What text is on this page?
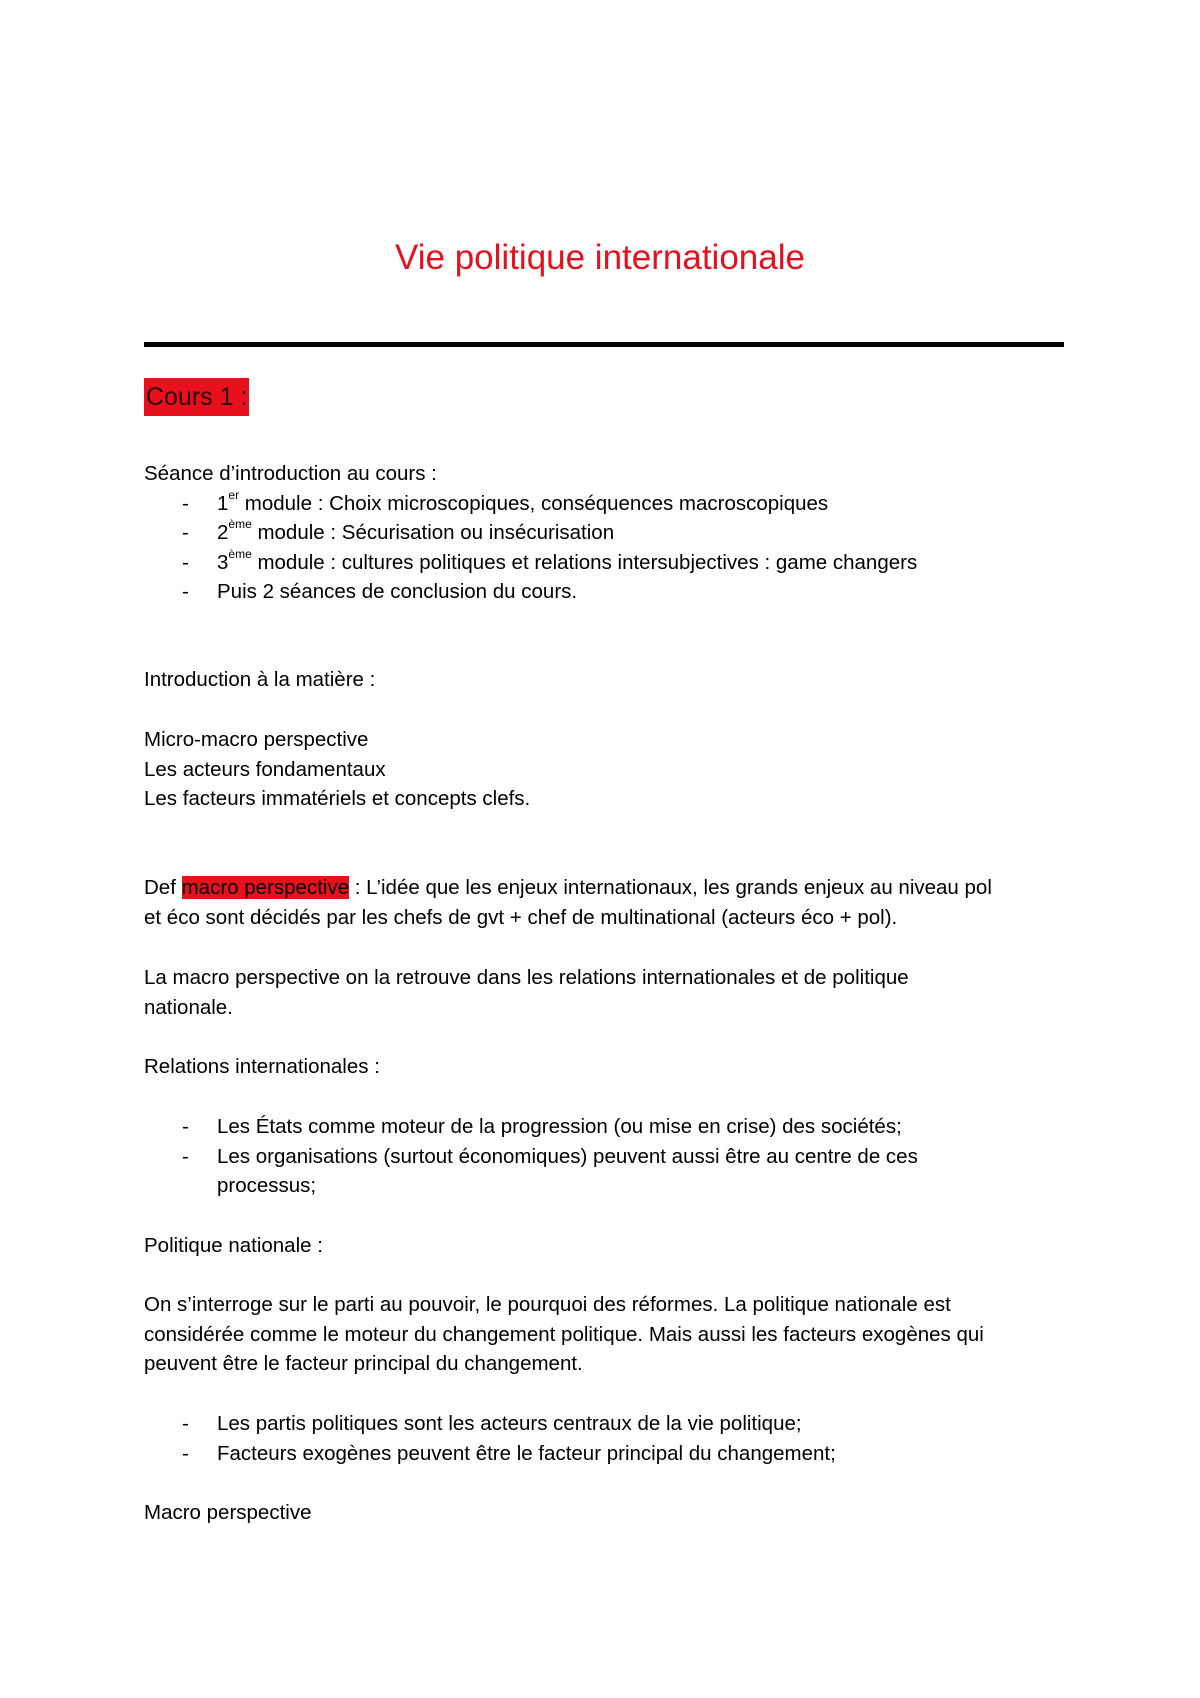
Vie politique internationale
Cours 1 :
Séance d’introduction au cours :
- 1er module : Choix microscopiques, conséquences macroscopiques
- 2ème module : Sécurisation ou insécurisation
- 3ème module : cultures politiques et relations intersubjectives : game changers
- Puis 2 séances de conclusion du cours.
Introduction à la matière :
Micro-macro perspective
Les acteurs fondamentaux
Les facteurs immatériels et concepts clefs.
Def macro perspective : L’idée que les enjeux internationaux, les grands enjeux au niveau pol
et éco sont décidés par les chefs de gvt + chef de multinational (acteurs éco + pol).
La macro perspective on la retrouve dans les relations internationales et de politique
nationale.
Relations internationales :
- Les États comme moteur de la progression (ou mise en crise) des sociétés;
- Les organisations (surtout économiques) peuvent aussi être au centre de ces
processus;
Politique nationale :
On s’interroge sur le parti au pouvoir, le pourquoi des réformes. La politique nationale est
considérée comme le moteur du changement politique. Mais aussi les facteurs exogènes qui
peuvent être le facteur principal du changement.
- Les partis politiques sont les acteurs centraux de la vie politique;
- Facteurs exogènes peuvent être le facteur principal du changement;
Macro perspective
